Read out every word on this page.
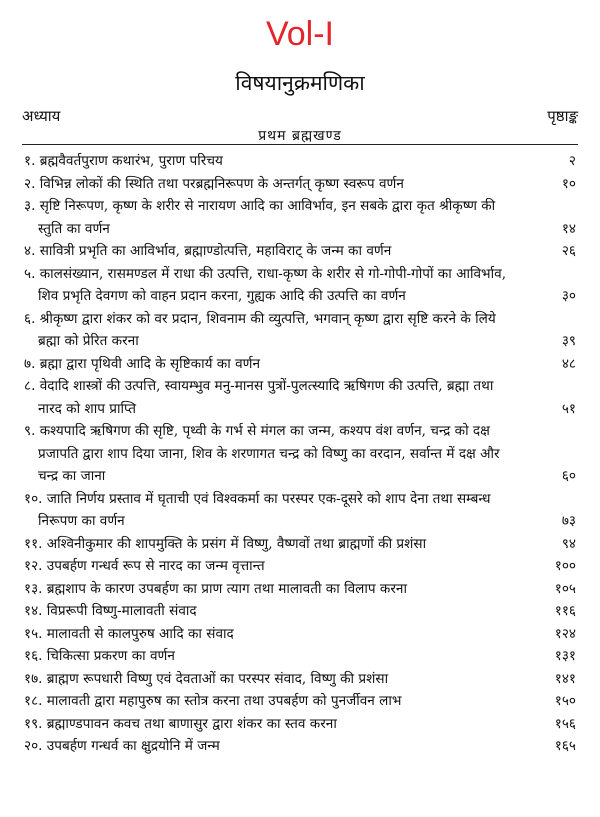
Vol-I
विषयानुक्रमणिका
अध्याय	पृष्ठाङ्क
प्रथम ब्रह्मखण्ड
१. ब्रह्मवैवर्तपुराण कथारंभ, पुराण परिचय	२
२. विभिन्न लोकों की स्थिति तथा परब्रह्मनिरूपण के अन्तर्गत् कृष्ण स्वरूप वर्णन	१०
३. सृष्टि निरूपण, कृष्ण के शरीर से नारायण आदि का आविर्भाव, इन सबके द्वारा कृत श्रीकृष्ण की स्तुति का वर्णन	१४
४. सावित्री प्रभृति का आविर्भाव, ब्रह्माण्डोत्पत्ति, महाविराट् के जन्म का वर्णन	२६
५. कालसंख्यान, रासमण्डल में राधा की उत्पत्ति, राधा-कृष्ण के शरीर से गो-गोपी-गोपों का आविर्भाव, शिव प्रभृति देवगण को वाहन प्रदान करना, गुह्यक आदि की उत्पत्ति का वर्णन	३०
६. श्रीकृष्ण द्वारा शंकर को वर प्रदान, शिवनाम की व्युत्पत्ति, भगवान् कृष्ण द्वारा सृष्टि करने के लिये ब्रह्मा को प्रेरित करना	३९
७. ब्रह्मा द्वारा पृथिवी आदि के सृष्टिकार्य का वर्णन	४८
८. वेदादि शास्त्रों की उत्पत्ति, स्वायम्भुव मनु-मानस पुत्रों-पुलत्स्यादि ऋषिगण की उत्पत्ति, ब्रह्मा तथा नारद को शाप प्राप्ति	५१
९. कश्यपादि ऋषिगण की सृष्टि, पृथ्वी के गर्भ से मंगल का जन्म, कश्यप वंश वर्णन, चन्द्र को दक्ष प्रजापति द्वारा शाप दिया जाना, शिव के शरणागत चन्द्र को विष्णु का वरदान, सर्वान्त में दक्ष और चन्द्र का जाना	६०
१०. जाति निर्णय प्रस्ताव में घृताची एवं विश्वकर्मा का परस्पर एक-दूसरे को शाप देना तथा सम्बन्ध निरूपण का वर्णन	७३
११. अश्विनीकुमार की शापमुक्ति के प्रसंग में विष्णु, वैष्णवों तथा ब्राह्मणों की प्रशंसा	९४
१२. उपबर्हण गन्धर्व रूप से नारद का जन्म वृत्तान्त	१००
१३. ब्रह्मशाप के कारण उपबर्हण का प्राण त्याग तथा मालावती का विलाप करना	१०५
१४. विप्ररूपी विष्णु-मालावती संवाद	११६
१५. मालावती से कालपुरुष आदि का संवाद	१२४
१६. चिकित्सा प्रकरण का वर्णन	१३१
१७. ब्राह्मण रूपधारी विष्णु एवं देवताओं का परस्पर संवाद, विष्णु की प्रशंसा	१४१
१८. मालावती द्वारा महापुरुष का स्तोत्र करना तथा उपबर्हण को पुनर्जीवन लाभ	१५०
१९. ब्रह्माण्डपावन कवच तथा बाणासुर द्वारा शंकर का स्तव करना	१५६
२०. उपबर्हण गन्धर्व का क्षुद्रयोनि में जन्म	१६५
